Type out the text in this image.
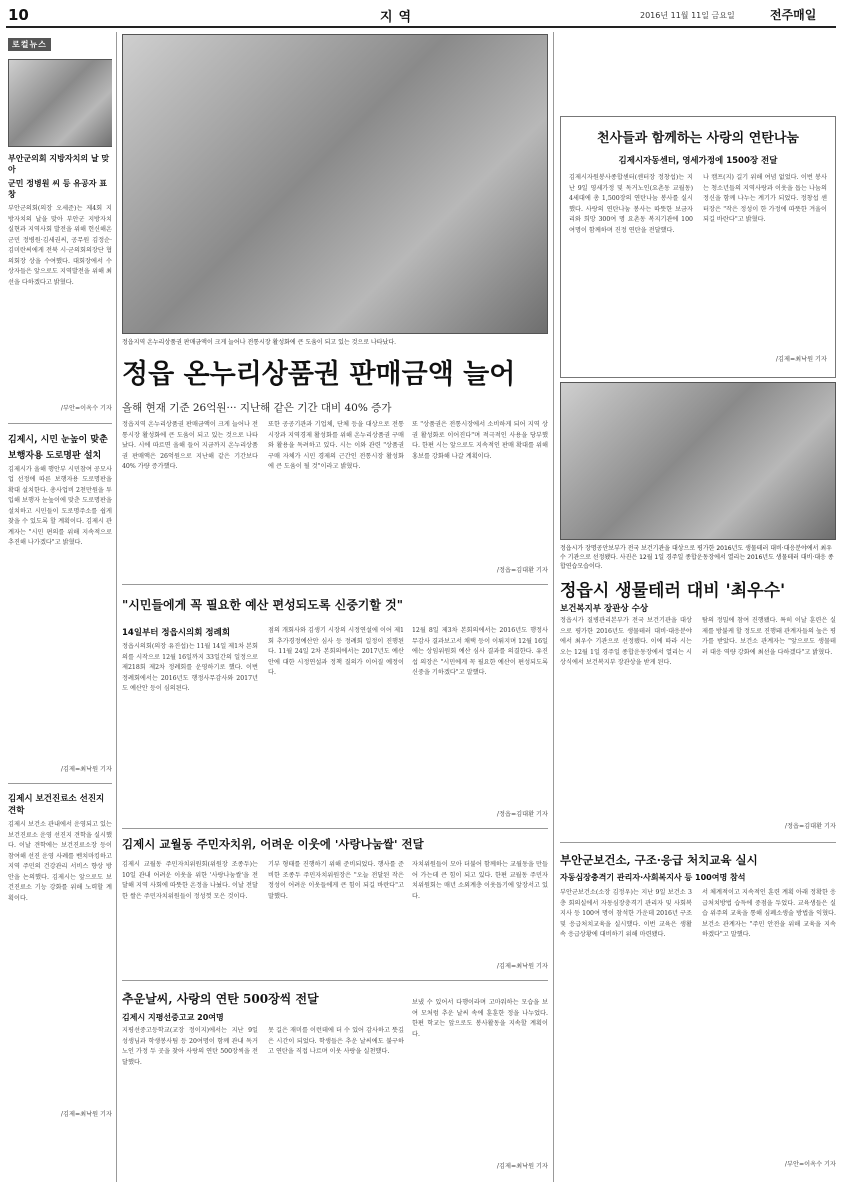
10	지역	2016년 11월 11일 금요일	전주매일
로컬뉴스
부안군의회 지방자치의 날 맞아
군민 정병원 씨 등 유공자 표창
부안군의회(의장 오세준)는 제4회 지방자치의 날을 맞아 부안군 지방자치 실현과 지역사회 발전을 위해 헌신해온 군민 정병원·김세권씨, 공무원 김정순·김미란씨에게 전북 시·군의회의장단 협의회장 상을 수여했다. 대회장에서 수상자들은 앞으로도 지역발전을 위해 최선을 다하겠다고 밝혔다.
/부안=이옥수 기자
김제시, 시민 눈높이 맞춘
보행자용 도로명판 설치
김제시가 올해 행안부 시민참여 공모사업 선정에 따른 보행자용 도로명판을 확대 설치한다. 총사업비 2천만원을 투입해 보행자 눈높이에 맞춘 도로명판을 설치하고 시민들이 도로명주소를 쉽게 찾을 수 있도록 할 계획이다. 김제시 관계자는 "시민 편의를 위해 지속적으로 추진해 나가겠다"고 밝혔다.
/김제=최낙원 기자
김제시 보건진료소 선진지 견학
김제시 보건소 관내에서 운영되고 있는 보건진료소 운영 선진지 견학을 실시했다. 이날 견학에는 보건진료소장 등이 참여해 선진 운영 사례를 벤치마킹하고 지역 주민의 건강관리 서비스 향상 방안을 논의했다. 김제시는 앞으로도 보건진료소 기능 강화를 위해 노력할 계획이다.
/김제=최낙원 기자
정읍지역 온누리상품권 판매금액이 크게 늘어나 전통시장 활성화에 큰 도움이 되고 있는 것으로 나타났다.
정읍 온누리상품권 판매금액 늘어
올해 현재 기준 26억원··· 지난해 같은 기간 대비 40% 증가
정읍지역 온누리상품권 판매금액이 크게 늘어나 전통시장 활성화에 큰 도움이 되고 있는 것으로 나타났다. 시에 따르면 올해 들어 지금까지 온누리상품권 판매액은 26억원으로 지난해 같은 기간보다 40% 가량 증가했다.
또한 공공기관과 기업체, 단체 등을 대상으로 전통시장과 지역경제 활성화를 위해 온누리상품권 구매와 활용을 독려하고 있다. 시는 이와 관련 "상품권 구매 자체가 시민 경제의 근간인 전통시장 활성화에 큰 도움이 될 것"이라고 밝혔다.
또 "상품권은 전통시장에서 소비하게 되어 지역 상권 활성화로 이어진다"며 적극적인 사용을 당부했다. 한편 시는 앞으로도 지속적인 판매 확대를 위해 홍보를 강화해 나갈 계획이다.
/정읍=김대환 기자
천사들과 함께하는 사랑의 연탄나눔
김제시자동센터, 영세가정에 1500장 전달
김제시자원봉사종합센터(센터장 정창섭)는 지난 9일 영세가정 및 독거노인(요촌동 교월동) 4세대에 총 1,500장의 연탄나눔 봉사를 실시했다. 사랑의 연탄나눔 봉사는 따뜻한 보금자리와 희망 300여 명 요촌동 복지기관에 100여명이 함께하며 진정 연탄을 전달했다.
나 캠프(지) 길기 위해 여념 없었다. 이번 봉사는 청소년들의 지역사랑과 이웃을 돕는 나눔의 정신을 함께 나누는 계기가 되었다. 정창섭 센터장은 "작은 정성이 한 가정에 따뜻한 겨울이 되길 바란다"고 밝혔다.
/김제=최낙원 기자
정읍시가 장명공안보부가 전국 보건기관을 대상으로 평가한 2016년도 생물테러 대비·대응분야에서 최우수 기관으로 선정됐다. 사진은 12월 1일 경주일 종합운동장에서 열리는 2016년도 생물테러 대비·대응 종합연습모습이다.
정읍시 생물테러 대비 '최우수'
보건복지부 장관상 수상
정읍시가 질병관리본부가 전국 보건기관을 대상으로 평가한 2016년도 생물테러 대비·대응분야에서 최우수 기관으로 선정됐다. 이에 따라 시는 오는 12월 1일 경주일 종합운동장에서 열리는 시상식에서 보건복지부 장관상을 받게 된다.
탐의 정밀에 참여 진행됐다. 특히 이날 훈련은 실제를 방불케 할 정도로 진행돼 관계자들의 높은 평가를 받았다. 보건소 관계자는 "앞으로도 생물테러 대응 역량 강화에 최선을 다하겠다"고 밝혔다.
/정읍=김대환 기자
부안군보건소, 구조·응급 처치교육 실시
자동심장충격기 관리자·사회복지사 등 100여명 참석
부안군보건소(소장 김정우)는 지난 9일 보건소 3층 회의실에서 자동심장충격기 관리자 및 사회복지사 등 100여 명이 참석한 가운데 2016년 구조 및 응급처치교육을 실시했다. 이번 교육은 생활 속 응급상황에 대비하기 위해 마련됐다.
서 체계적이고 지속적인 훈련 계획 아래 정확한 응급처치방법 습득에 중점을 두었다. 교육생들은 실습 위주의 교육을 통해 심폐소생술 방법을 익혔다. 보건소 관계자는 "주민 안전을 위해 교육을 지속하겠다"고 말했다.
/부안=이옥수 기자
"시민들에게 꼭 필요한 예산 편성되도록 신중기할 것"
14일부터 정읍시의회 정례회
정읍시의회(의장 유진섭)는 11월 14일 제1차 본회의를 시작으로 12월 16일까지 33일간의 일정으로 제218회 제2차 정례회를 운영하기로 했다. 이번 정례회에서는 2016년도 행정사무감사와 2017년도 예산안 등이 심의된다.
점의 개회사와 김생기 시장의 시정연설에 이어 제1회 추가경정예산안 심사 등 정례회 일정이 진행된다. 11월 24일 2차 본회의에서는 2017년도 예산안에 대한 시정연설과 정책 질의가 이어질 예정이다.
12월 8일 제3차 본회의에서는 2016년도 행정사무감사 결과보고서 채택 등이 이뤄지며 12월 16일에는 상임위원회 예산 심사 결과를 의결한다. 유진섭 의장은 "시민에게 꼭 필요한 예산이 편성되도록 신중을 기하겠다"고 말했다.
/정읍=김대환 기자
김제시 교월동 주민자치위, 어려운 이웃에 '사랑나눔쌀' 전달
김제시 교월동 주민자치위원회(위원장 조종두)는 10일 관내 어려운 이웃을 위한 '사랑나눔쌀'을 전달해 지역 사회에 따뜻한 온정을 나눴다. 이날 전달한 쌀은 주민자치위원들이 정성껏 모은 것이다.
기부 형태를 진행하기 위해 준비되었다. 행사를 준비한 조종두 주민자치위원장은 "오늘 전달된 작은 정성이 어려운 이웃들에게 큰 힘이 되길 바란다"고 말했다.
자치위원들이 모아 더불어 함께하는 교월동을 만들어 가는데 큰 힘이 되고 있다. 한편 교월동 주민자치위원회는 매년 소외계층 이웃돕기에 앞장서고 있다.
/김제=최낙원 기자
추운날씨, 사랑의 연탄 500장씩 전달
김제시 지평선중고교 20여명
지평선중고등학교(교장 정이지)에서는 지난 9일 성생님과 학생봉사팀 등 20여명이 함께 관내 독거노인 가정 두 곳을 찾아 사랑의 연탄 500장씩을 전달했다.
못 길은 재미를 이런데에 더 수 있어 감사하고 뜻깊은 시간이 되었다. 학생들은 추운 날씨에도 불구하고 연탄을 직접 나르며 이웃 사랑을 실천했다.
보냈 수 있어서 다행이라며 고마워하는 모습을 보여 모처럼 추운 날씨 속에 훈훈한 정을 나누었다. 한편 학교는 앞으로도 봉사활동을 지속할 계획이다.
/김제=최낙원 기자
